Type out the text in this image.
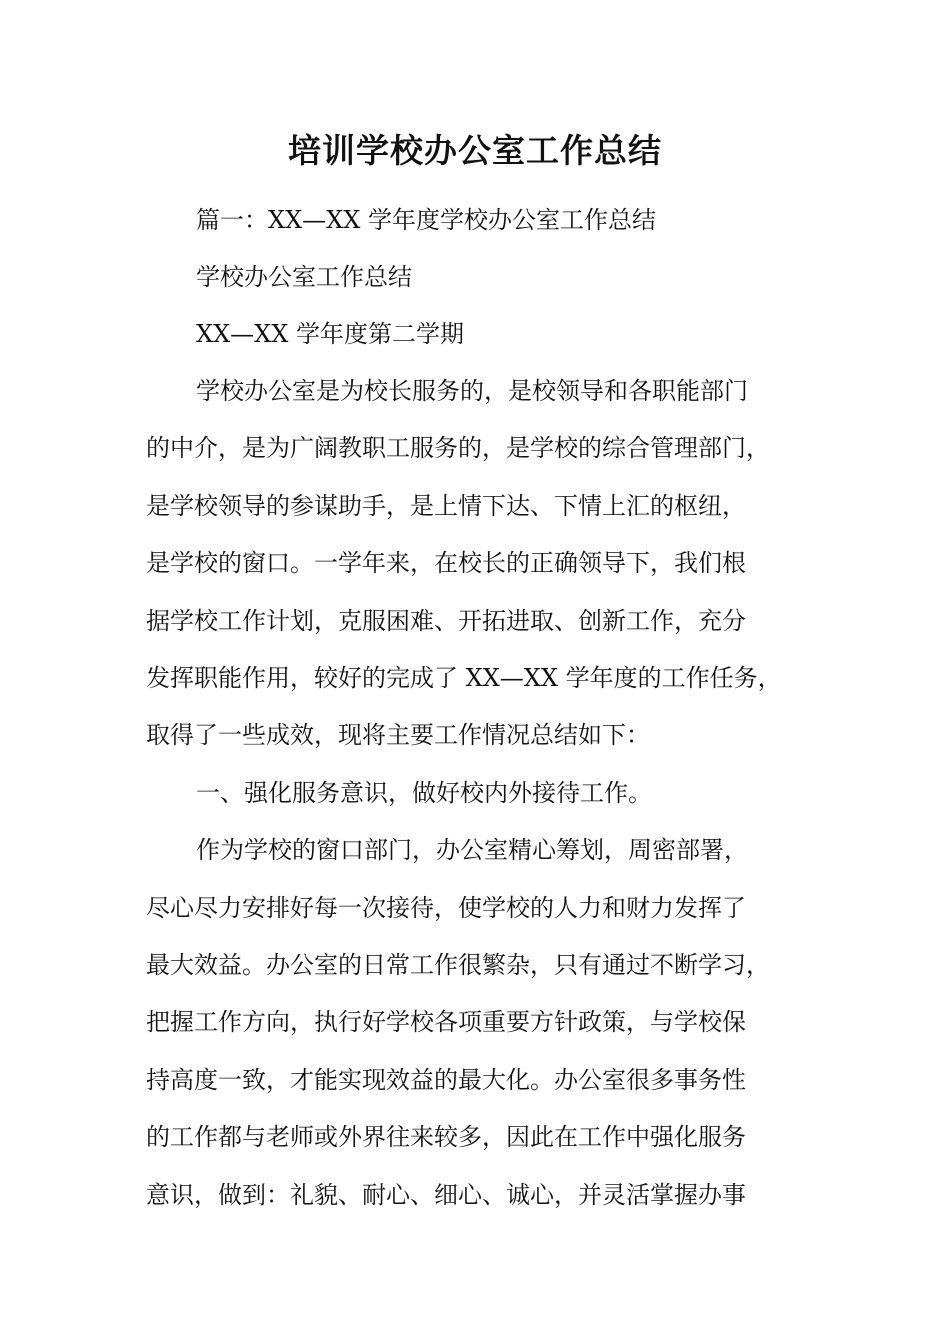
培训学校办公室工作总结
篇一：XX—XX 学年度学校办公室工作总结
学校办公室工作总结
XX—XX 学年度第二学期
学校办公室是为校长服务的，是校领导和各职能部门
的中介，是为广阔教职工服务的，是学校的综合管理部门，
是学校领导的参谋助手，是上情下达、下情上汇的枢纽，
是学校的窗口。一学年来，在校长的正确领导下，我们根
据学校工作计划，克服困难、开拓进取、创新工作，充分
发挥职能作用，较好的完成了 XX—XX 学年度的工作任务，
取得了一些成效，现将主要工作情况总结如下：
一、强化服务意识，做好校内外接待工作。
作为学校的窗口部门，办公室精心筹划，周密部署，
尽心尽力安排好每一次接待，使学校的人力和财力发挥了
最大效益。办公室的日常工作很繁杂，只有通过不断学习，
把握工作方向，执行好学校各项重要方针政策，与学校保
持高度一致，才能实现效益的最大化。办公室很多事务性
的工作都与老师或外界往来较多，因此在工作中强化服务
意识，做到：礼貌、耐心、细心、诚心，并灵活掌握办事
